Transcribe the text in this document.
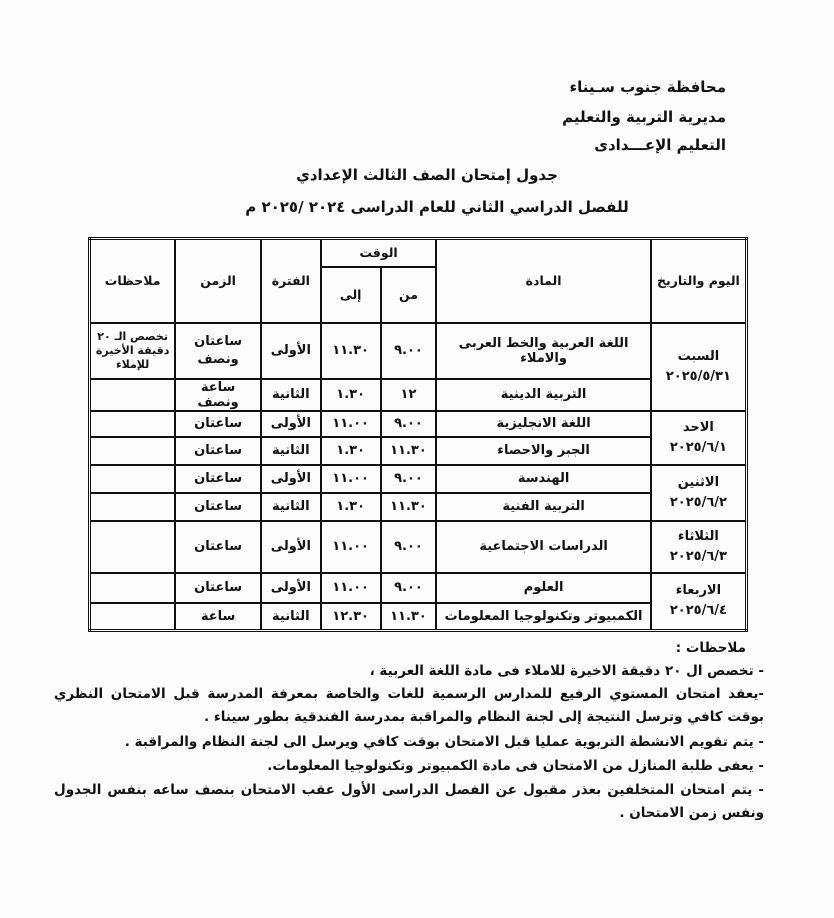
محافظة جنوب سـيناء
مديرية التربية والتعليم
التعليم الإعـــدادى
جدول إمتحان الصف الثالث الإعدادي
للفصل الدراسي الثاني للعام الدراسى ٢٠٢٤ /٢٠٢٥ م
اليوم والتاريخ	المادة	الوقت		الفترة	الزمن	ملاحظات
		من	إلى			

السبت
٢٠٢٥/٥/٣١	اللغة العربية والخط العربى والاملاء	٩.٠٠	١١.٣٠	الأولى	ساعتان ونصف	تخصص الـ ٢٠ دقيقة الأخيرة للإملاء
	التربية الدينية	١٢	١.٣٠	الثانية	ساعة ونصف	

الاحد
٢٠٢٥/٦/١	اللغة الانجليزية	٩.٠٠	١١.٠٠	الأولى	ساعتان	
	الجبر والاحصاء	١١.٣٠	١.٣٠	الثانية	ساعتان	

الاثنين
٢٠٢٥/٦/٢	الهندسة	٩.٠٠	١١.٠٠	الأولى	ساعتان	
	التربية الفنية	١١.٣٠	١.٣٠	الثانية	ساعتان	

الثلاثاء
٢٠٢٥/٦/٣	الدراسات الاجتماعية	٩.٠٠	١١.٠٠	الأولى	ساعتان	

الاربعاء
٢٠٢٥/٦/٤	العلوم	٩.٠٠	١١.٠٠	الأولى	ساعتان	
	الكمبيوتر وتكنولوجيا المعلومات	١١.٣٠	١٢.٣٠	الثانية	ساعة	
ملاحظات :
- تخصص ال ٢٠ دقيقة الاخيرة للاملاء فى مادة اللغة العربية ،
-يعقد امتحان المستوي الرفيع للمدارس الرسمية للغات والخاصة بمعرفة المدرسة قبل الامتحان النظري بوقت كافي وترسل النتيجة إلى لجنة النظام والمراقبة بمدرسة الفندقية بطور سيناء .
- يتم تقويم الانشطة التربوية عمليا قبل الامتحان بوقت كافي ويرسل الى لجنة النظام والمراقبة .
- يعفى طلبة المنازل من الامتحان فى مادة الكمبيوتر وتكنولوجيا المعلومات.
- يتم امتحان المتخلفين بعذر مقبول عن الفصل الدراسى الأول عقب الامتحان بنصف ساعه بنفس الجدول ونفس زمن الامتحان .
